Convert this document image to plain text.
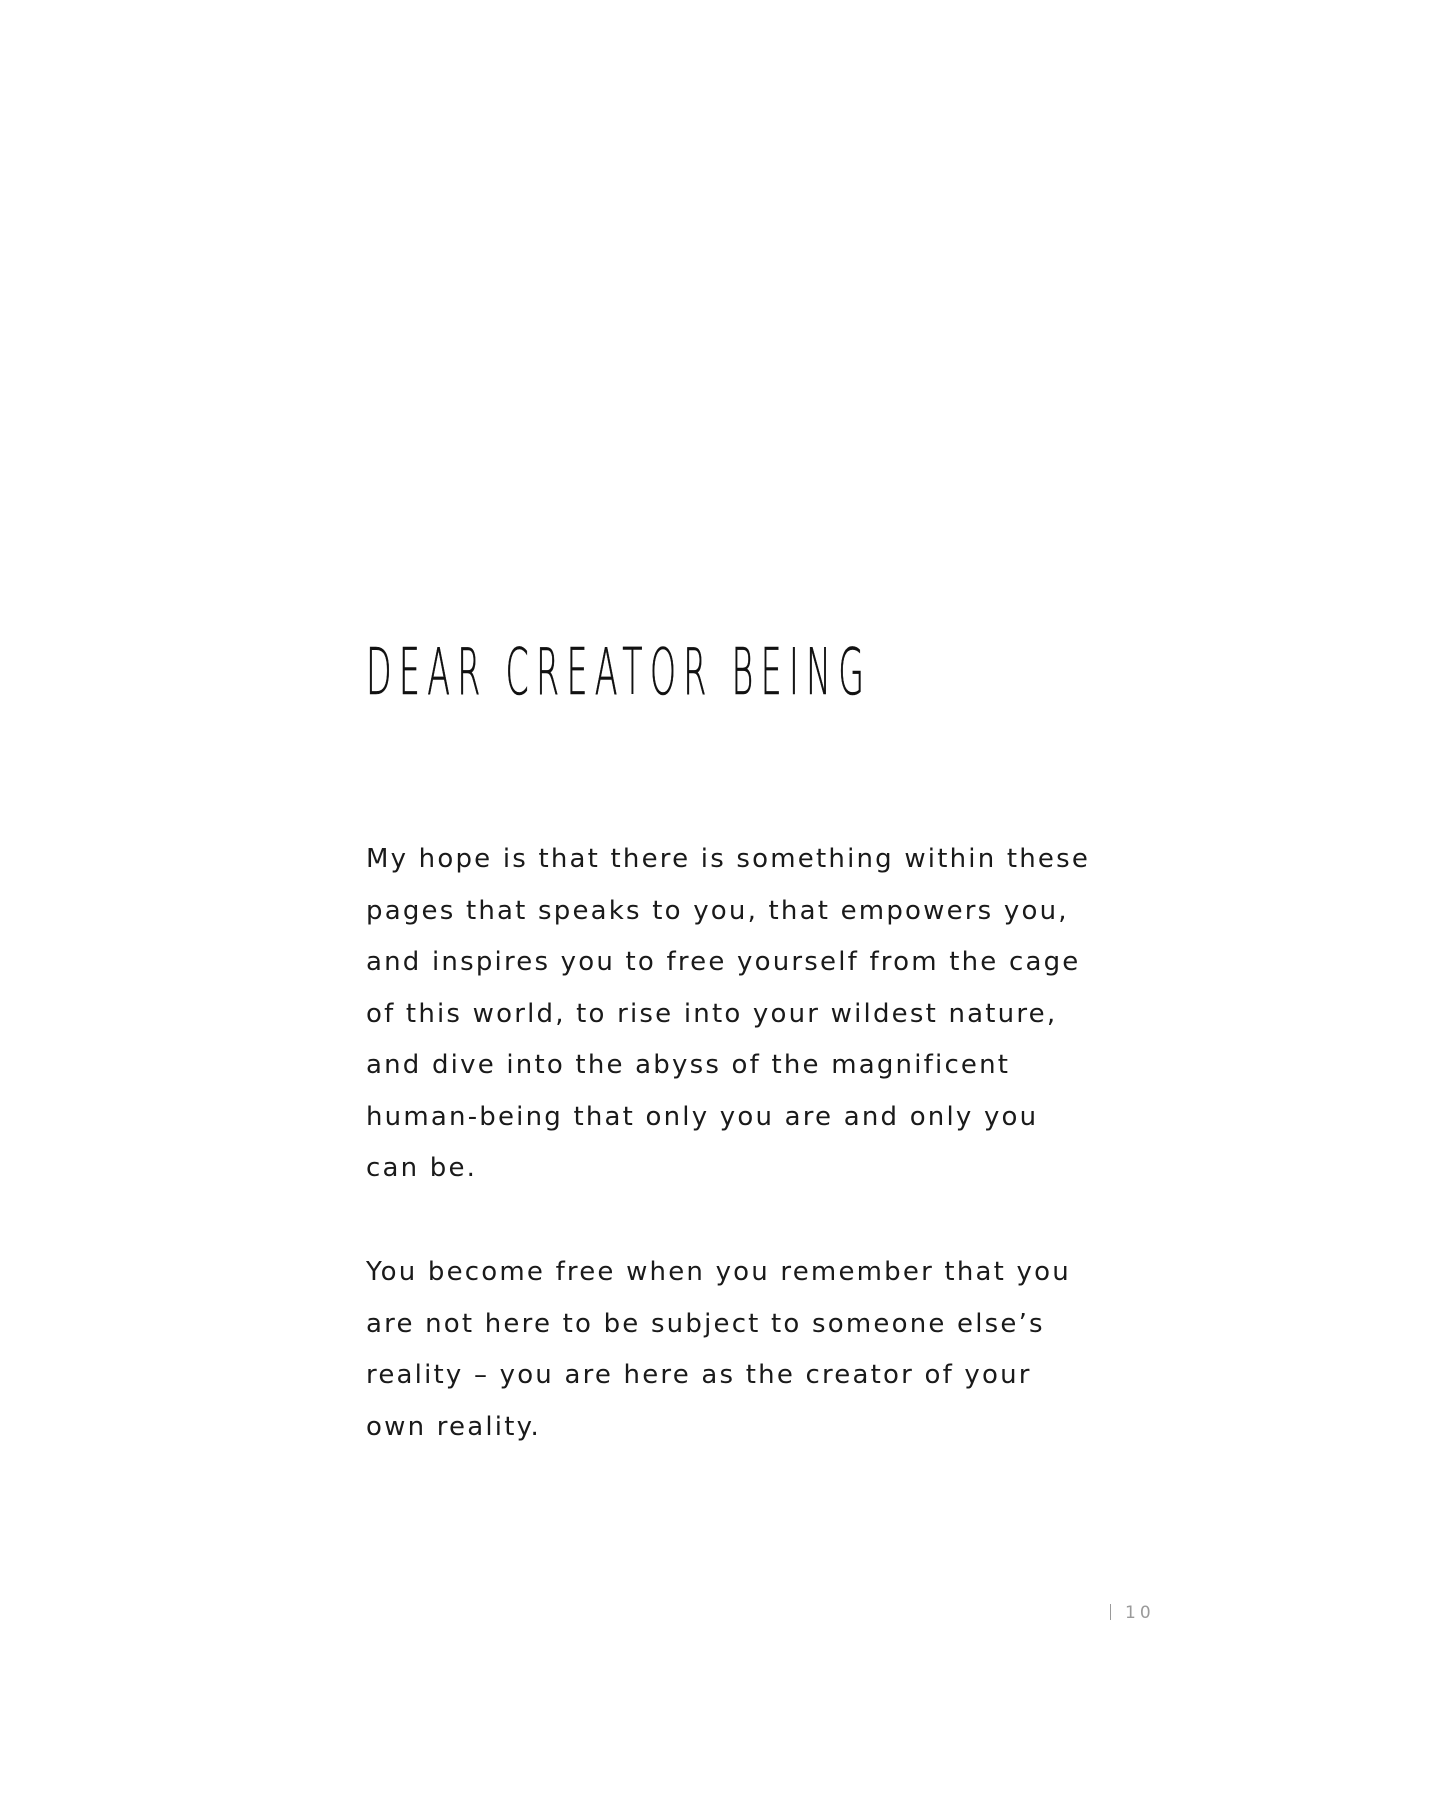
DEAR CREATOR BEING

My hope is that there is something within these
pages that speaks to you, that empowers you,
and inspires you to free yourself from the cage
of this world, to rise into your wildest nature,
and dive into the abyss of the magnificent
human-being that only you are and only you
can be.

You become free when you remember that you
are not here to be subject to someone else’s
reality – you are here as the creator of your
own reality.

10
